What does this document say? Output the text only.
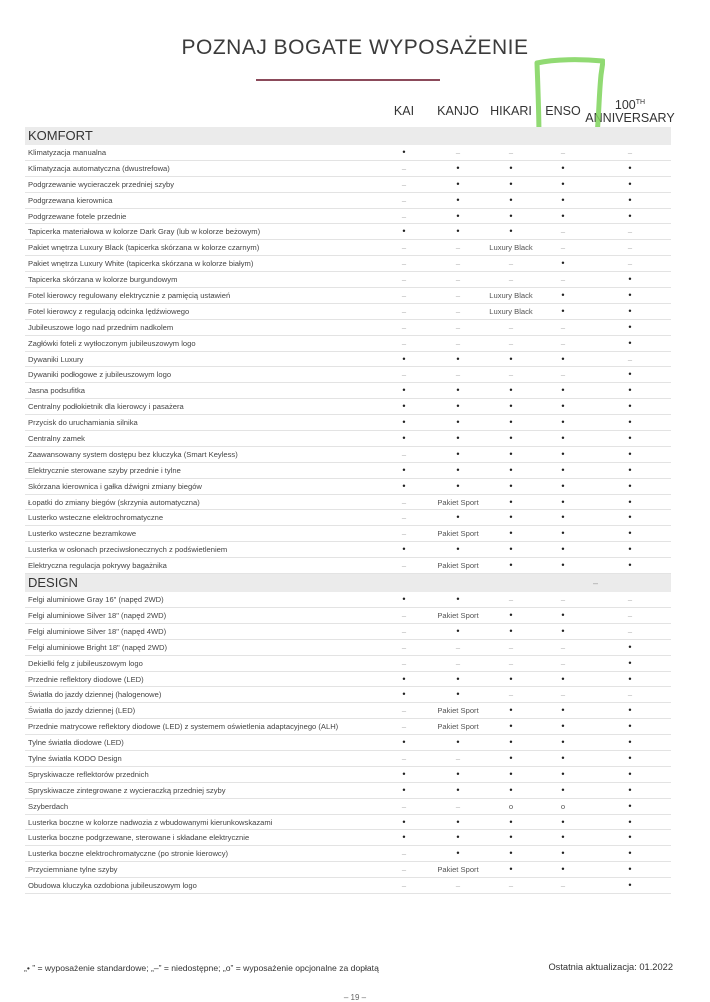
POZNAJ BOGATE WYPOSAŻENIE
KAI KANJO HIKARI ENSO	100TH
ANNIVERSARY
KOMFORT
Klimatyzacja manualna	•	–	–	–	–
Klimatyzacja automatyczna (dwustrefowa)	–	•	•	•	•
Podgrzewanie wycieraczek przedniej szyby	–	•	•	•	•
Podgrzewana kierownica	–	•	•	•	•
Podgrzewane fotele przednie	–	•	•	•	•
Tapicerka materiałowa w kolorze Dark Gray (lub w kolorze beżowym)	•	•	•	–	–
Pakiet wnętrza Luxury Black (tapicerka skórzana w kolorze czarnym)	–	–	Luxury Black	–	–
Pakiet wnętrza Luxury White (tapicerka skórzana w kolorze białym)	–	–	–	•	–
Tapicerka skórzana w kolorze burgundowym	–	–	–	–	•
Fotel kierowcy regulowany elektrycznie z pamięcią ustawień	–	–	Luxury Black	•	•
Fotel kierowcy z regulacją odcinka lędźwiowego	–	–	Luxury Black	•	•
Jubileuszowe logo nad przednim nadkolem	–	–	–	–	•
Zagłówki foteli z wytłoczonym jubileuszowym logo	–	–	–	–	•
Dywaniki Luxury	•	•	•	•	–
Dywaniki podłogowe z jubileuszowym logo	–	–	–	–	•
Jasna podsufitka	•	•	•	•	•
Centralny podłokietnik dla kierowcy i pasażera	•	•	•	•	•
Przycisk do uruchamiania silnika	•	•	•	•	•
Centralny zamek	•	•	•	•	•
Zaawansowany system dostępu bez kluczyka (Smart Keyless)	–	•	•	•	•
Elektrycznie sterowane szyby przednie i tylne	•	•	•	•	•
Skórzana kierownica i gałka dźwigni zmiany biegów	•	•	•	•	•
Łopatki do zmiany biegów (skrzynia automatyczna)	–	Pakiet Sport	•	•	•
Lusterko wsteczne elektrochromatyczne	–	•	•	•	•
Lusterko wsteczne bezramkowe	–	Pakiet Sport	•	•	•
Lusterka w osłonach przeciwsłonecznych z podświetleniem	•	•	•	•	•
Elektryczna regulacja pokrywy bagażnika	–	Pakiet Sport	•	•	•
DESIGN	–
Felgi aluminiowe Gray 16" (napęd 2WD)	•	•	–	–	–
Felgi aluminiowe Silver 18" (napęd 2WD)	–	Pakiet Sport	•	•	–
Felgi aluminiowe Silver 18" (napęd 4WD)	–	•	•	•	–
Felgi aluminiowe Bright 18" (napęd 2WD)	–	–	–	–	•
Dekielki felg z jubileuszowym logo	–	–	–	–	•
Przednie reflektory diodowe (LED)	•	•	•	•	•
Światła do jazdy dziennej (halogenowe)	•	•	–	–	–
Światła do jazdy dziennej (LED)	–	Pakiet Sport	•	•	•
Przednie matrycowe reflektory diodowe (LED) z systemem oświetlenia adaptacyjnego (ALH)	–	Pakiet Sport	•	•	•
Tylne światła diodowe (LED)	•	•	•	•	•
Tylne światła KODO Design	–	–	•	•	•
Spryskiwacze reflektorów przednich	•	•	•	•	•
Spryskiwacze zintegrowane z wycieraczką przedniej szyby	•	•	•	•	•
Szyberdach	–	–	o	o	•
Lusterka boczne w kolorze nadwozia z wbudowanymi kierunkowskazami	•	•	•	•	•
Lusterka boczne podgrzewane, sterowane i składane elektrycznie	•	•	•	•	•
Lusterka boczne elektrochromatyczne (po stronie kierowcy)	–	•	•	•	•
Przyciemniane tylne szyby	–	Pakiet Sport	•	•	•
Obudowa kluczyka ozdobiona jubileuszowym logo	–	–	–	–	•
„• ” = wyposażenie standardowe; „–” = niedostępne; „o” = wyposażenie opcjonalne za dopłatą	Ostatnia aktualizacja: 01.2022
– 19 –
